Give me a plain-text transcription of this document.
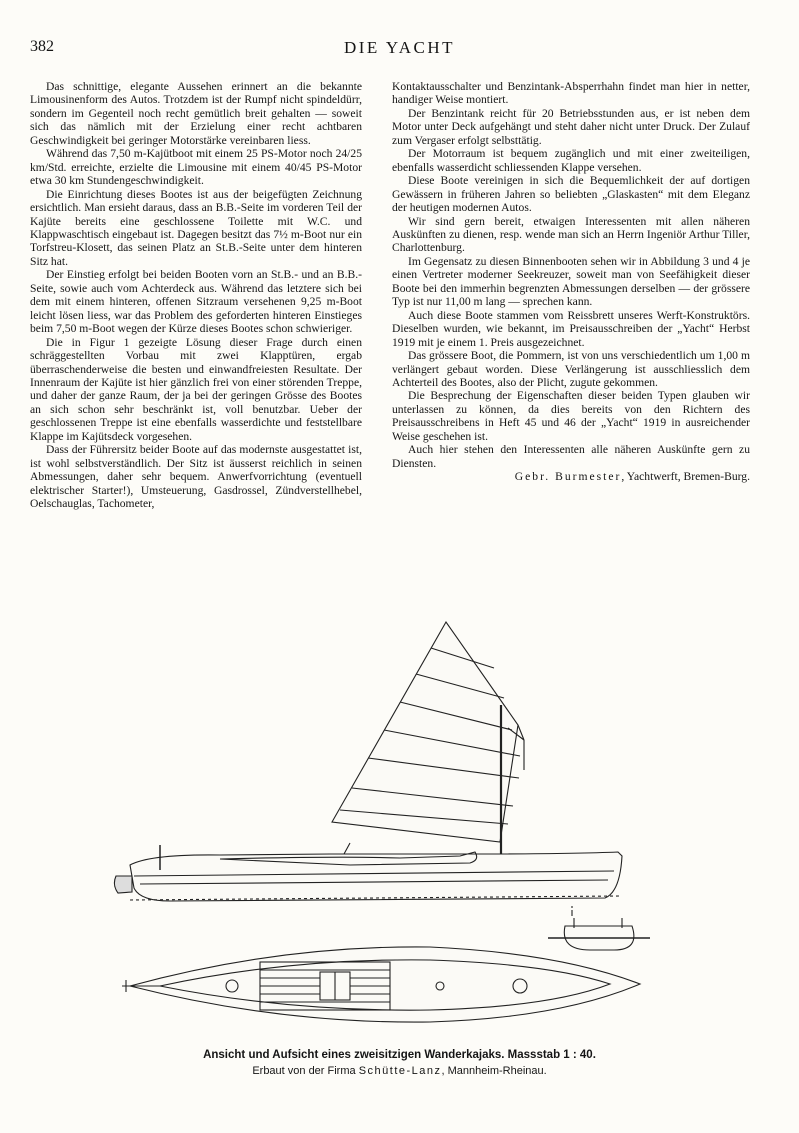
382	DIE YACHT

Das schnittige, elegante Aussehen erinnert an die bekannte Limousinenform des Autos. Trotzdem ist der Rumpf nicht spindeldürr, sondern im Gegenteil noch recht gemütlich breit gehalten — soweit sich das nämlich mit der Erzielung einer recht achtbaren Geschwindigkeit bei geringer Motorstärke vereinbaren liess.

Während das 7,50 m-Kajütboot mit einem 25 PS-Motor noch 24/25 km/Std. erreichte, erzielte die Limousine mit einem 40/45 PS-Motor etwa 30 km Stundengeschwindigkeit.

Die Einrichtung dieses Bootes ist aus der beigefügten Zeichnung ersichtlich. Man ersieht daraus, dass an B.B.-Seite im vorderen Teil der Kajüte bereits eine geschlossene Toilette mit W.C. und Klappwaschtisch eingebaut ist. Dagegen besitzt das 7½ m-Boot nur ein Torfstreu-Klosett, das seinen Platz an St.B.-Seite unter dem hinteren Sitz hat.

Der Einstieg erfolgt bei beiden Booten vorn an St.B.- und an B.B.-Seite, sowie auch vom Achterdeck aus. Während das letztere sich bei dem mit einem hinteren, offenen Sitzraum versehenen 9,25 m-Boot leicht lösen liess, war das Problem des geforderten hinteren Einstieges beim 7,50 m-Boot wegen der Kürze dieses Bootes schon schwieriger.

Die in Figur 1 gezeigte Lösung dieser Frage durch einen schräggestellten Vorbau mit zwei Klapptüren, ergab überraschenderweise die besten und einwandfreiesten Resultate. Der Innenraum der Kajüte ist hier gänzlich frei von einer störenden Treppe, und daher der ganze Raum, der ja bei der geringen Grösse des Bootes an sich schon sehr beschränkt ist, voll benutzbar. Ueber der geschlossenen Treppe ist eine ebenfalls wasserdichte und feststellbare Klappe im Kajütsdeck vorgesehen.

Dass der Führersitz beider Boote auf das modernste ausgestattet ist, ist wohl selbstverständlich. Der Sitz ist äusserst reichlich in seinen Abmessungen, daher sehr bequem. Anwerfvorrichtung (eventuell elektrischer Starter!), Umsteuerung, Gasdrossel, Zündverstellhebel, Oelschauglas, Tachometer,

Kontaktausschalter und Benzintank-Absperrhahn findet man hier in netter, handiger Weise montiert.

Der Benzintank reicht für 20 Betriebsstunden aus, er ist neben dem Motor unter Deck aufgehängt und steht daher nicht unter Druck. Der Zulauf zum Vergaser erfolgt selbsttätig.

Der Motorraum ist bequem zugänglich und mit einer zweiteiligen, ebenfalls wasserdicht schliessenden Klappe versehen.

Diese Boote vereinigen in sich die Bequemlichkeit der auf dortigen Gewässern in früheren Jahren so beliebten „Glaskasten“ mit dem Eleganz der heutigen modernen Autos.

Wir sind gern bereit, etwaigen Interessenten mit allen näheren Auskünften zu dienen, resp. wende man sich an Herrn Ingeniör Arthur Tiller, Charlottenburg.

Im Gegensatz zu diesen Binnenbooten sehen wir in Abbildung 3 und 4 je einen Vertreter moderner Seekreuzer, soweit man von Seefähigkeit dieser Boote bei den immerhin begrenzten Abmessungen derselben — der grössere Typ ist nur 11,00 m lang — sprechen kann.

Auch diese Boote stammen vom Reissbrett unseres Werft-Konstruktörs. Dieselben wurden, wie bekannt, im Preisausschreiben der „Yacht“ Herbst 1919 mit je einem 1. Preis ausgezeichnet.

Das grössere Boot, die Pommern, ist von uns verschiedentlich um 1,00 m verlängert gebaut worden. Diese Verlängerung ist ausschliesslich dem Achterteil des Bootes, also der Plicht, zugute gekommen.

Die Besprechung der Eigenschaften dieser beiden Typen glauben wir unterlassen zu können, da dies bereits von den Richtern des Preisausschreibens in Heft 45 und 46 der „Yacht“ 1919 in ausreichender Weise geschehen ist.

Auch hier stehen den Interessenten alle näheren Auskünfte gern zu Diensten.

Gebr. Burmester, Yachtwerft, Bremen-Burg.

Ansicht und Aufsicht eines zweisitzigen Wanderkajaks. Massstab 1 : 40.
Erbaut von der Firma Schütte-Lanz, Mannheim-Rheinau.
